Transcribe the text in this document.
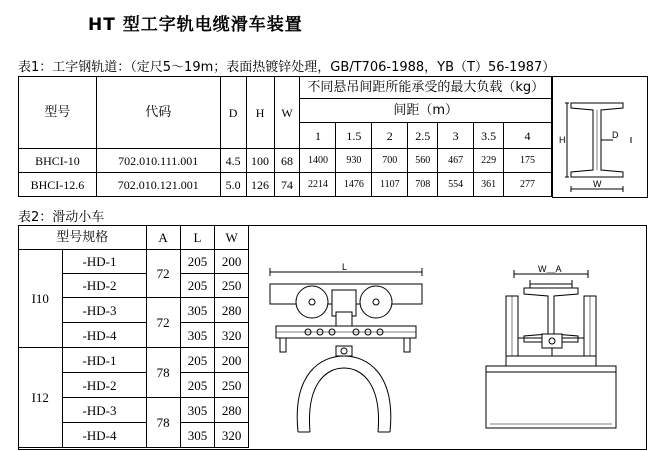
HT 型工字轨电缆滑车装置
表1：工字钢轨道：（定尺5～19m；表面热镀锌处理，GB/T706-1988，YB（T）56-1987）
型号	代码	D	H	W	不同悬吊间距所能承受的最大负载（kg）						
					间距（m）						
					1	1.5	2	2.5	3	3.5	4
BHCI-10	702.010.111.001	4.5	100	68	1400	930	700	560	467	229	175
BHCI-12.6	702.010.121.001	5.0	126	74	2214	1476	1107	708	554	361	277
H	D
W
表2：滑动小车
型号规格		A	L	W
I10	-HD-1	72	205	200
	-HD-2		205	250
	-HD-3	72	305	280
	-HD-4		305	320
I12	-HD-1	78	205	200
	-HD-2		205	250
	-HD-3	78	305	280
	-HD-4		305	320
L	W＿A
